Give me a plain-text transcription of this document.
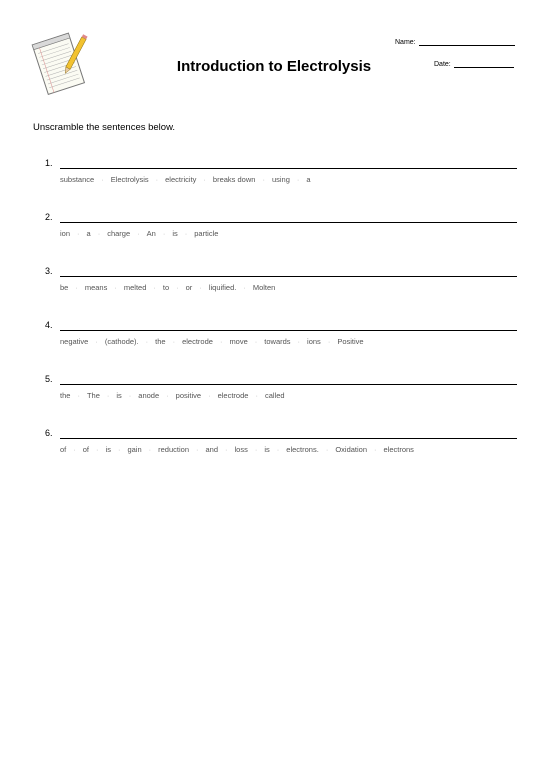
Name:
Date:
Introduction to Electrolysis
Unscramble the sentences below.
1.
substance · Electrolysis · electricity · breaks down · using · a
2.
ion · a · charge · An · is · particle
3.
be · means · melted · to · or · liquified. · Molten
4.
negative · (cathode). · the · electrode · move · towards · ions · Positive
5.
the · The · is · anode · positive · electrode · called
6.
of · of · is · gain · reduction · and · loss · is · electrons. · Oxidation · electrons
